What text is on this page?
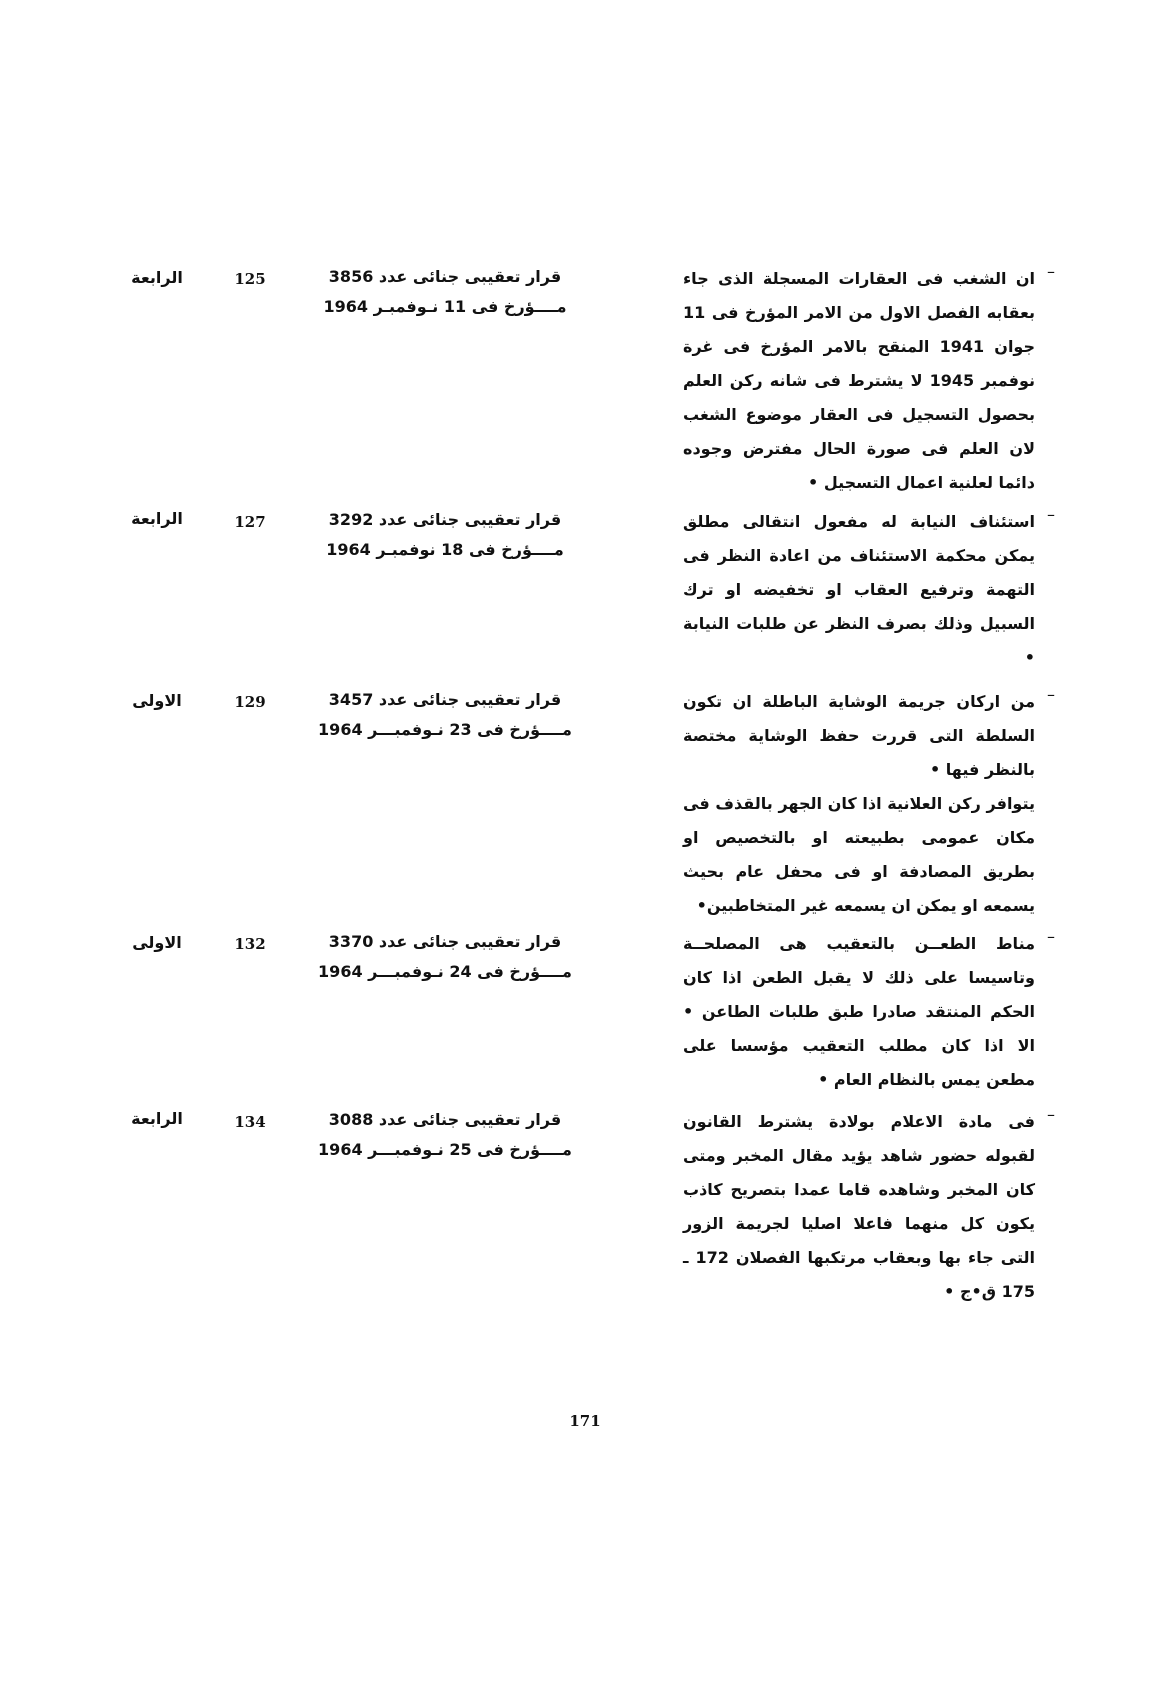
–

ان الشغب فى العقارات المسجلة الذى جاء بعقابه الفصل الاول من الامر المؤرخ فى 11 جوان 1941 المنقح بالامر المؤرخ فى غرة نوفمبر 1945 لا يشترط فى شانه ركن العلم بحصول التسجيل فى العقار موضوع الشغب لان العلم فى صورة الحال مفترض وجوده دائما لعلنية اعمال التسجيل •

قرار تعقيبى جنائى عدد 3856
مــــؤرخ فى 11 نـوفمبـر 1964
125
الرابعة
–

استئناف النيابة له مفعول انتقالى مطلق يمكن محكمة الاستئناف من اعادة النظر فى التهمة وترفيع العقاب او تخفيضه او ترك السبيل وذلك بصرف النظر عن طلبات النيابة •

قرار تعقيبى جنائى عدد 3292
مــــؤرخ فى 18 نوفمبـر 1964
127
الرابعة
–

من اركان جريمة الوشاية الباطلة ان تكون السلطة التى قررت حفظ الوشاية مختصة بالنظر فيها •

يتوافر ركن العلانية اذا كان الجهر بالقذف فى مكان عمومى بطبيعته او بالتخصيص او بطريق المصادفة او فى محفل عام بحيث يسمعه او يمكن ان يسمعه غير المتخاطبين•

قرار تعقيبى جنائى عدد 3457
مــــؤرخ فى 23 نـوفمبـــر 1964
129
الاولى
–

مناط الطعــن بالتعقيب هى المصلحــة وتاسيسا على ذلك لا يقبل الطعن اذا كان الحكم المنتقد صادرا طبق طلبات الطاعن • الا اذا كان مطلب التعقيب مؤسسا على مطعن يمس بالنظام العام •

قرار تعقيبى جنائى عدد 3370
مــــؤرخ فى 24 نـوفمبـــر 1964
132
الاولى
–

فى مادة الاعلام بولادة يشترط القانون لقبوله حضور شاهد يؤيد مقال المخبر ومتى كان المخبر وشاهده قاما عمدا بتصريح كاذب يكون كل منهما فاعلا اصليا لجريمة الزور التى جاء بها وبعقاب مرتكبها الفصلان 172 ـ 175 ق•ج •

قرار تعقيبى جنائى عدد 3088
مــــؤرخ فى 25 نـوفمبـــر 1964
134
الرابعة
171
